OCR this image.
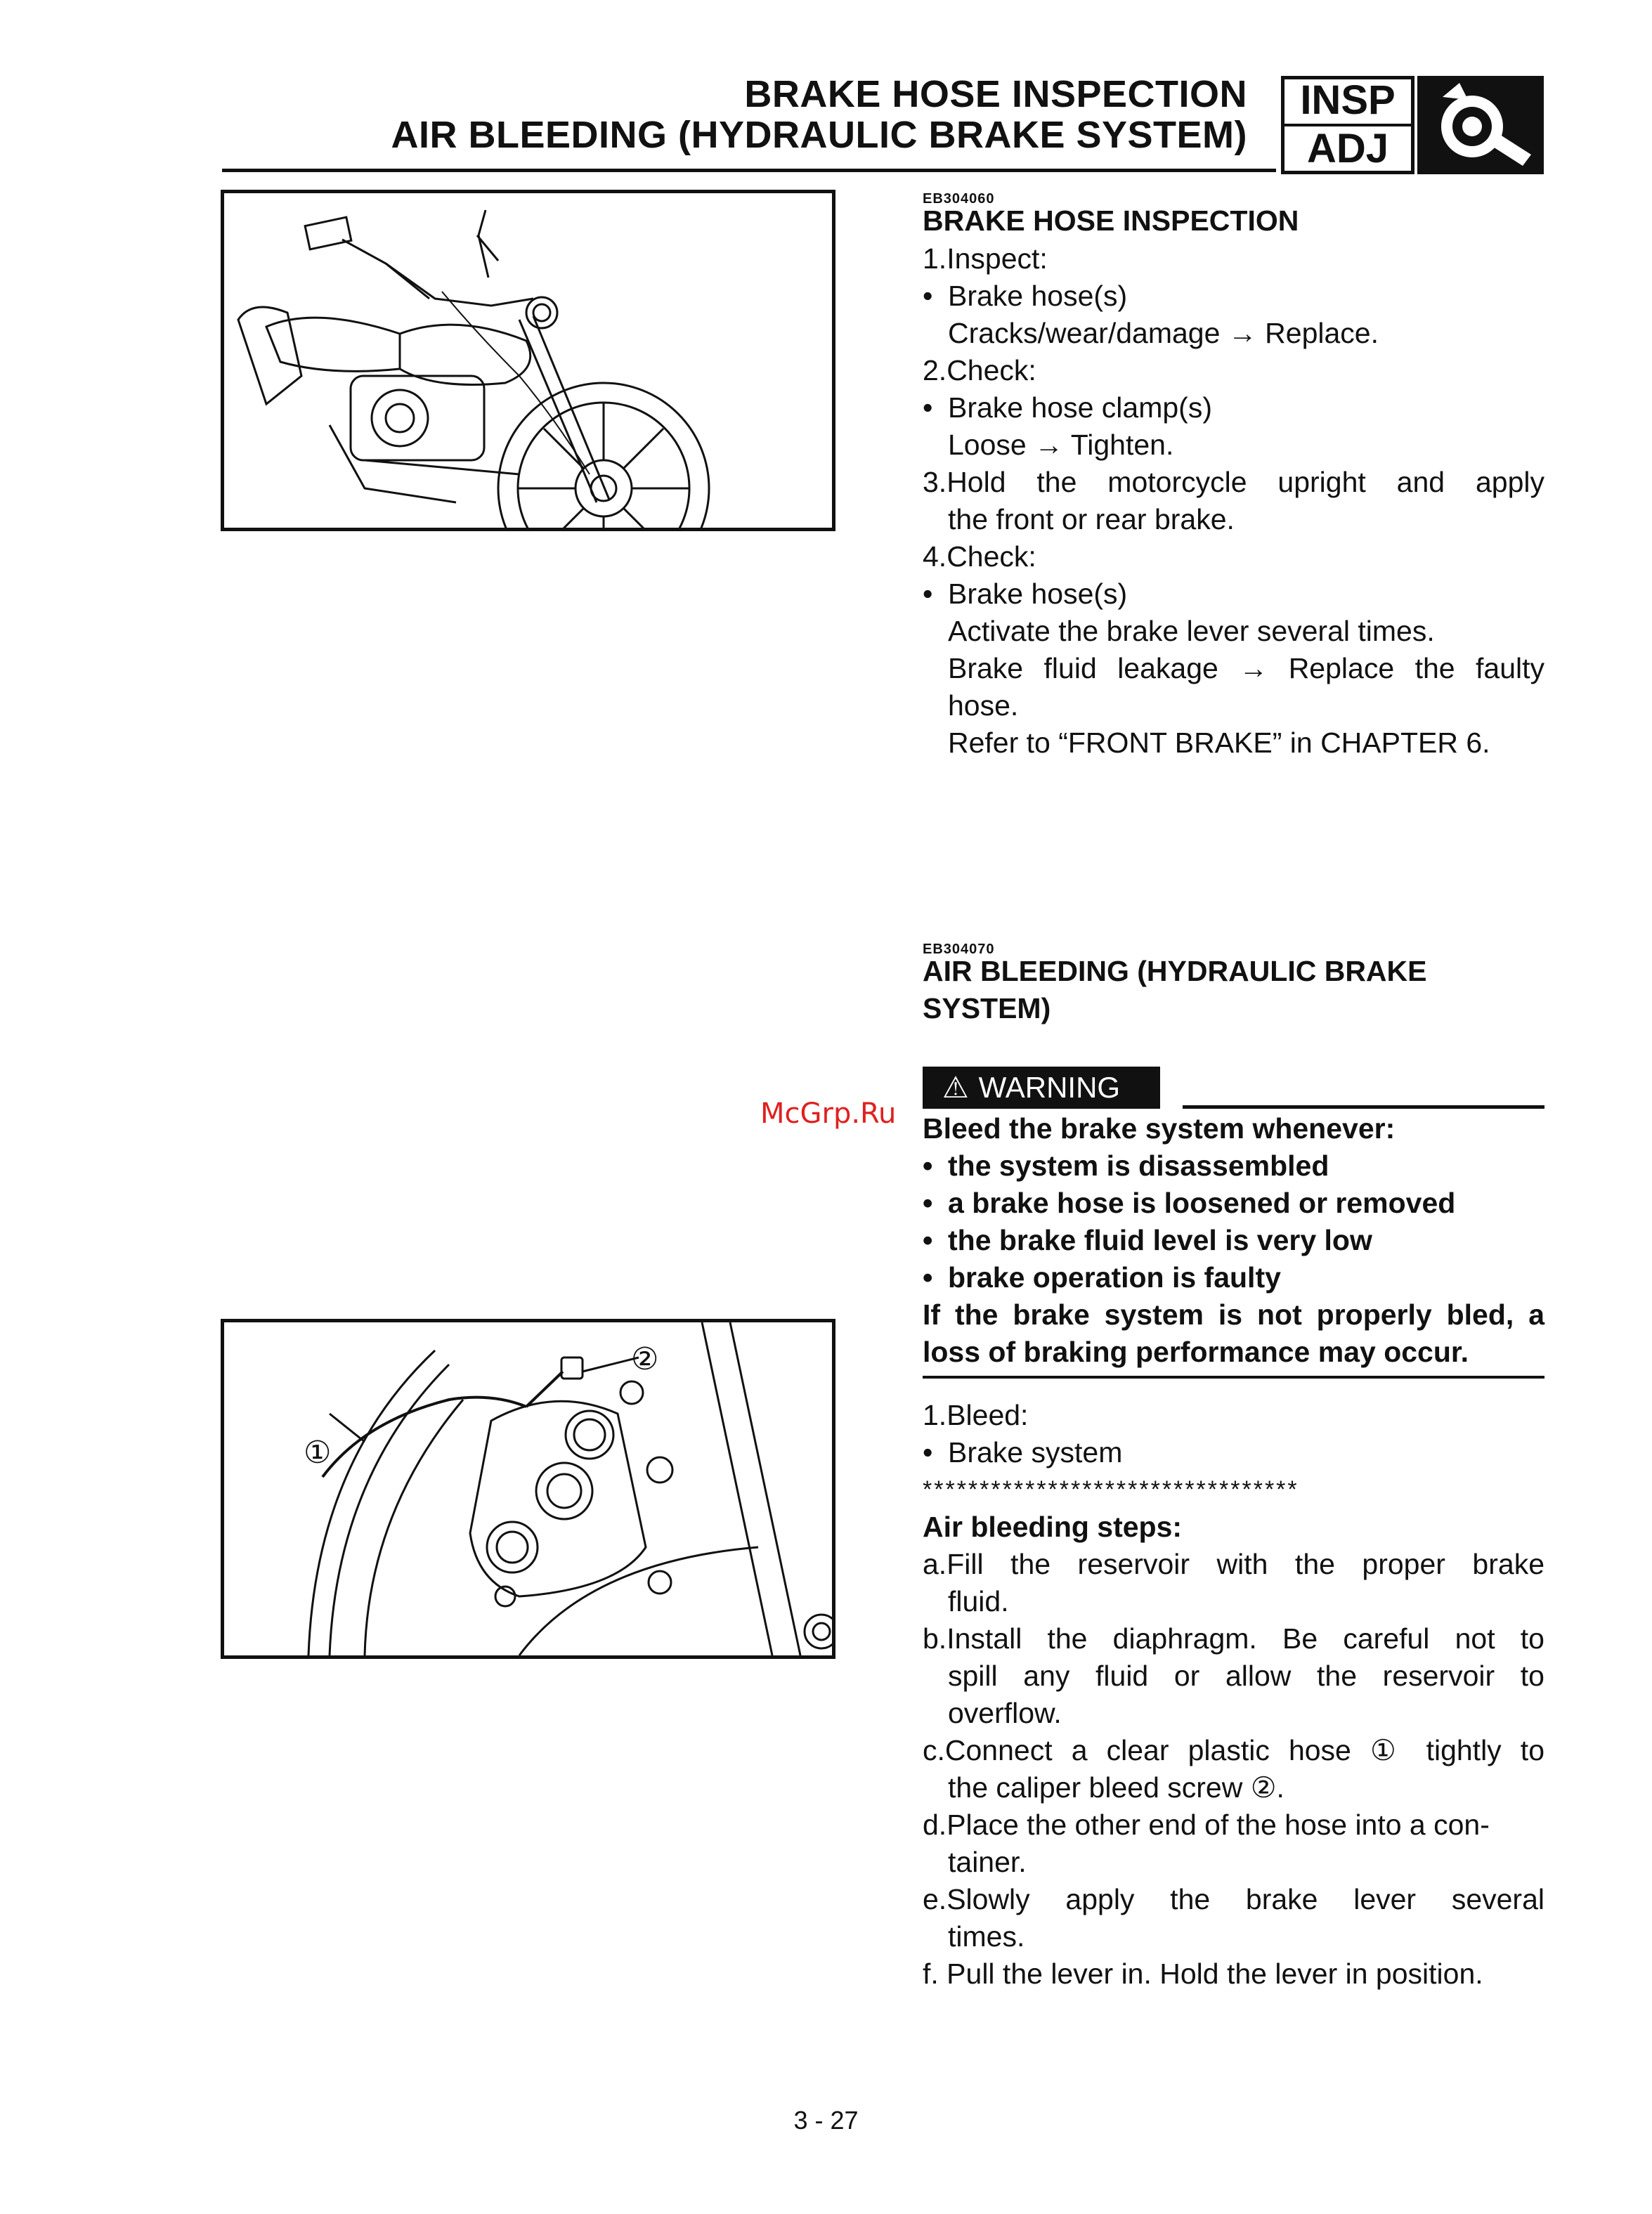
BRAKE HOSE INSPECTION
AIR BLEEDING (HYDRAULIC BRAKE SYSTEM)
INSP
ADJ
①
②
EB304060
BRAKE HOSE INSPECTION
1.Inspect:
• Brake hose(s)
Cracks/wear/damage → Replace.
2.Check:
• Brake hose clamp(s)
Loose → Tighten.
3.Hold the motorcycle upright and apply
the front or rear brake.
4.Check:
• Brake hose(s)
Activate the brake lever several times.
Brake fluid leakage → Replace the faulty
hose.
Refer to “FRONT BRAKE” in CHAPTER 6.
EB304070
AIR BLEEDING (HYDRAULIC BRAKE
SYSTEM)
⚠ WARNING
Bleed the brake system whenever:
• the system is disassembled
• a brake hose is loosened or removed
• the brake fluid level is very low
• brake operation is faulty
If the brake system is not properly bled, a
loss of braking performance may occur.
1.Bleed:
• Brake system
*********************************
Air bleeding steps:
a.Fill the reservoir with the proper brake
fluid.
b.Install the diaphragm. Be careful not to
spill any fluid or allow the reservoir to
overflow.
c.Connect a clear plastic hose ① tightly to
the caliper bleed screw ②.
d.Place the other end of the hose into a con-
tainer.
e.Slowly apply the brake lever several
times.
f. Pull the lever in. Hold the lever in position.
McGrp.Ru
3 - 27
